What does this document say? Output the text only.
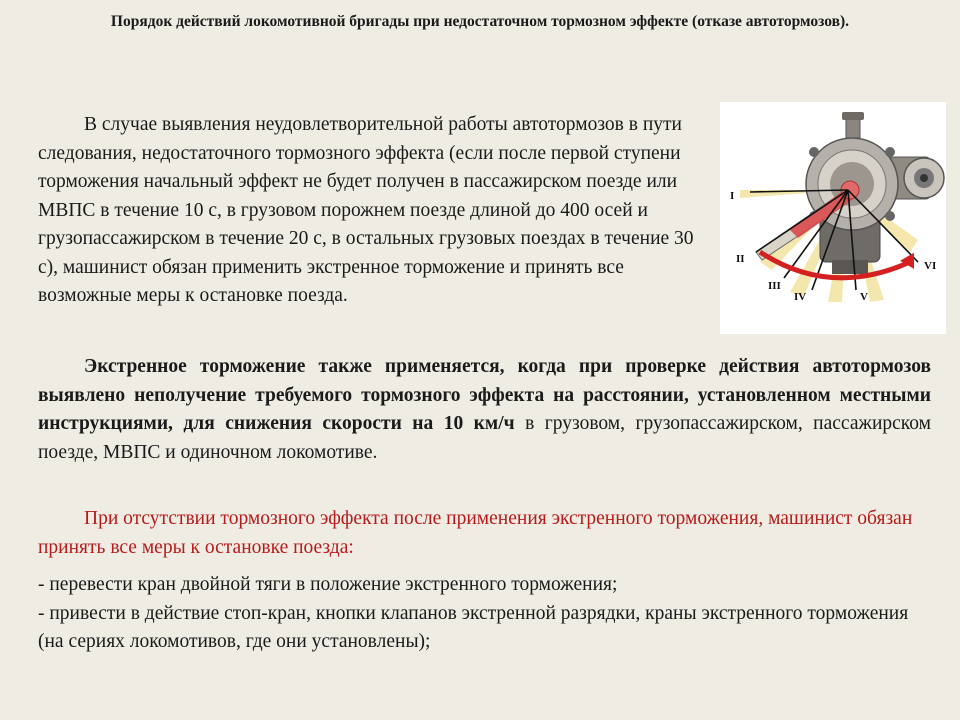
Порядок действий локомотивной бригады при недостаточном тормозном эффекте (отказе автотормозов).
В случае выявления неудовлетворительной работы автотормозов в пути следования, недостаточного тормозного эффекта (если после первой ступени торможения начальный эффект не будет получен в пассажирском поезде или МВПС в течение 10 с, в грузовом порожнем поезде длиной до 400 осей и грузопассажирском в течение 20 с, в остальных грузовых поездах в течение 30 с), машинист обязан применить экстренное торможение и принять все возможные меры к остановке поезда.
I
II
III
IV	V
VI
Экстренное торможение также применяется, когда при проверке действия автотормозов выявлено неполучение требуемого тормозного эффекта на расстоянии, установленном местными инструкциями, для снижения скорости на 10 км/ч в грузовом, грузопассажирском, пассажирском поезде, МВПС и одиночном локомотиве.
При отсутствии тормозного эффекта после применения экстренного торможения, машинист обязан принять все меры к остановке поезда:

- перевести кран двойной тяги в положение экстренного торможения;

- привести в действие стоп-кран, кнопки клапанов экстренной разрядки, краны экстренного торможения (на сериях локомотивов, где они установлены);
